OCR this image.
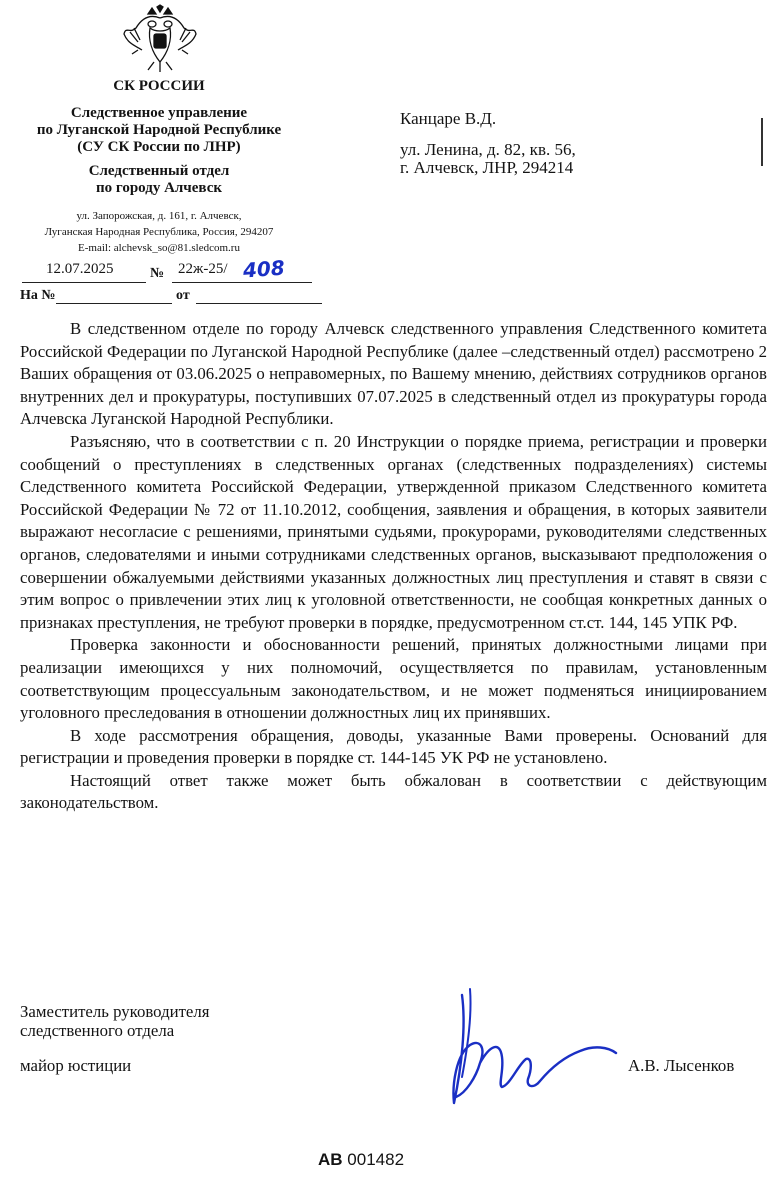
СК РОССИИ
Следственное управление
по Луганской Народной Республике
(СУ СК России по ЛНР)
Следственный отдел
по городу Алчевск
ул. Запорожская, д. 161, г. Алчевск,
Луганская Народная Республика, Россия, 294207
E-mail: alchevsk_so@81.sledcom.ru
12.07.2025	№ 22ж-25/ 408
На №	от
Канцаре В.Д.
ул. Ленина, д. 82, кв. 56,
г. Алчевск, ЛНР, 294214

В следственном отделе по городу Алчевск следственного управления Следственного комитета Российской Федерации по Луганской Народной Республике (далее –следственный отдел) рассмотрено 2 Ваших обращения от 03.06.2025 о неправомерных, по Вашему мнению, действиях сотрудников органов внутренних дел и прокуратуры, поступивших 07.07.2025 в следственный отдел из прокуратуры города Алчевска Луганской Народной Республики.

Разъясняю, что в соответствии с п. 20 Инструкции о порядке приема, регистрации и проверки сообщений о преступлениях в следственных органах (следственных подразделениях) системы Следственного комитета Российской Федерации, утвержденной приказом Следственного комитета Российской Федерации № 72 от 11.10.2012, сообщения, заявления и обращения, в которых заявители выражают несогласие с решениями, принятыми судьями, прокурорами, руководителями следственных органов, следователями и иными сотрудниками следственных органов, высказывают предположения о совершении обжалуемыми действиями указанных должностных лиц преступления и ставят в связи с этим вопрос о привлечении этих лиц к уголовной ответственности, не сообщая конкретных данных о признаках преступления, не требуют проверки в порядке, предусмотренном ст.ст. 144, 145 УПК РФ.

Проверка законности и обоснованности решений, принятых должностными лицами при реализации имеющихся у них полномочий, осуществляется по правилам, установленным соответствующим процессуальным законодательством, и не может подменяться инициированием уголовного преследования в отношении должностных лиц их принявших.

В ходе рассмотрения обращения, доводы, указанные Вами проверены. Оснований для регистрации и проведения проверки в порядке ст. 144-145 УК РФ не установлено.

Настоящий ответ также может быть обжалован в соответствии с действующим законодательством.

Заместитель руководителя
следственного отдела
майор юстиции	А.В. Лысенков
АВ 001482
